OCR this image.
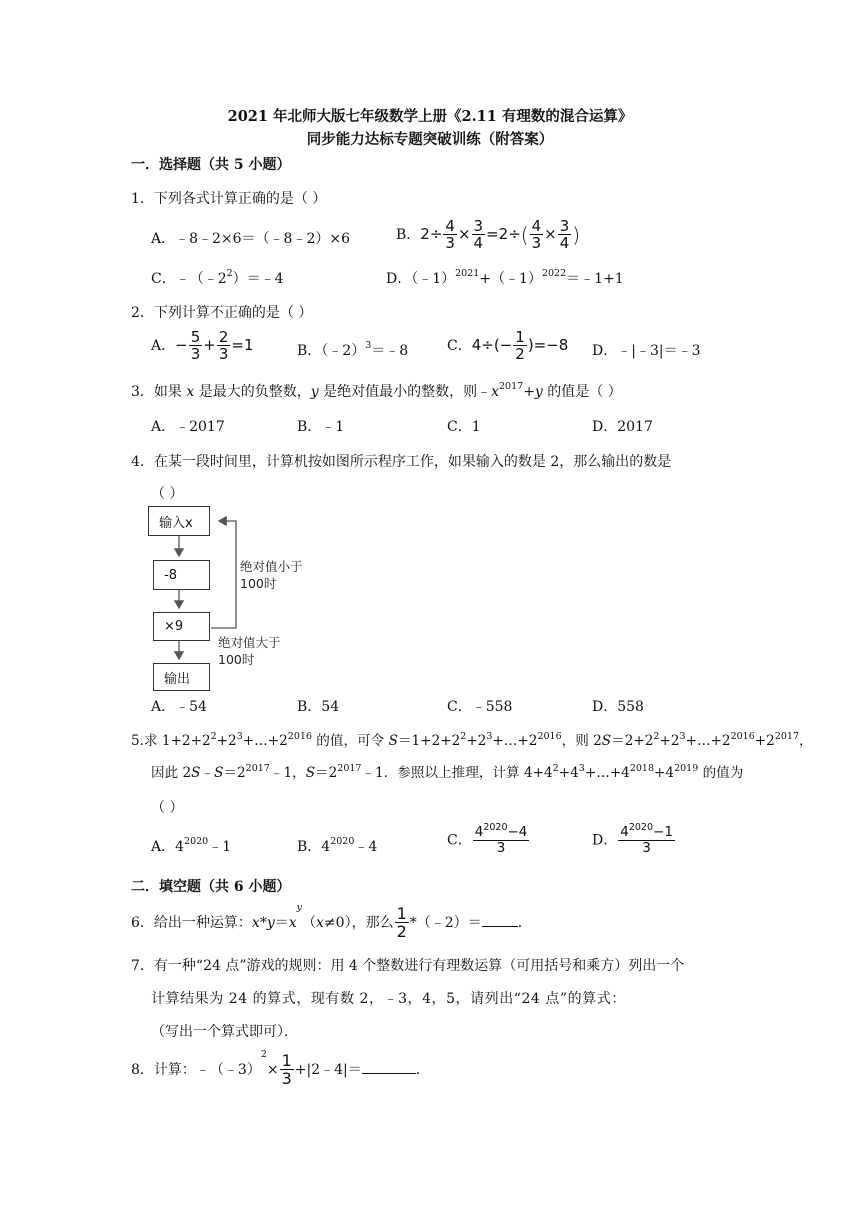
2021 年北师大版七年级数学上册《2.11 有理数的混合运算》
同步能力达标专题突破训练（附答案）
一．选择题（共 5 小题）
1．下列各式计算正确的是（ ）
A．﹣8﹣2×6＝（﹣8﹣2）×6	B．$2\div \frac{4}{3} \times \frac{3}{4} =2\div( \frac{4}{3} \times \frac{3}{4}$ )
C．$﹣(﹣2^2)=﹣4$	D．（﹣1）$^{2021}$+（﹣1）$^{2022}$＝﹣1+1
2．下列计算不正确的是（ ）
A．− $\frac{5}{3} + \frac{2}{3} =1$	B．（﹣2）$^3$＝﹣8	C．$4\div(- \frac{1}{2} )=-8$ D．﹣|﹣3|＝﹣3
3．如果 x 是最大的负整数，y 是绝对值最小的整数，则$﹣x^{2017}+y$ 的值是（ ）
A．﹣2017	B．﹣1	C．1	D．2017
4．在某一段时间里，计算机按如图所示程序工作，如果输入的数是 2，那么输出的数是
（ ）
输入x
-8
×9
输出
绝对值小于100时
绝对值大于100时
A．﹣54	B．54	C．﹣558	D．558
5.求 $1+2+2^2+2^3+\dots+2^{2016}$ 的值，可令 $S=1+2+2^2+2^3+\dots+2^{2016}$，则 $2S=2+2^2+2^3+\dots+2^{2016}+2^{2017}$，
因此 $2S﹣S=2^{2017}﹣1$，$S=2^{2017}﹣1$．参照以上推理，计算 $4+4^2+4^3+\dots+4^{2018}+4^{2019}$ 的值为
（ ）
A．$4^{2020}﹣1$	B．$4^{2020}﹣4$	C． $\frac{4^{2020}-4}{3}$	D． $\frac{4^{2020}-1}{3}$
二．填空题（共 6 小题）
6．给出一种运算：$x*y=x^y(x\ne 0)$，那么 $\frac{1}{2}$ *（﹣2）＝	．
7．有一种“24 点”游戏的规则：用 4 个整数进行有理数运算（可用括号和乘方）列出一个
计算结果为 24 的算式，现有数 2，﹣3，4，5，请列出“24 点”的算式：
（写出一个算式即可）．
8．计算：﹣（﹣3）$^2$× $\frac{1}{3}$ +|2﹣4|＝	．
